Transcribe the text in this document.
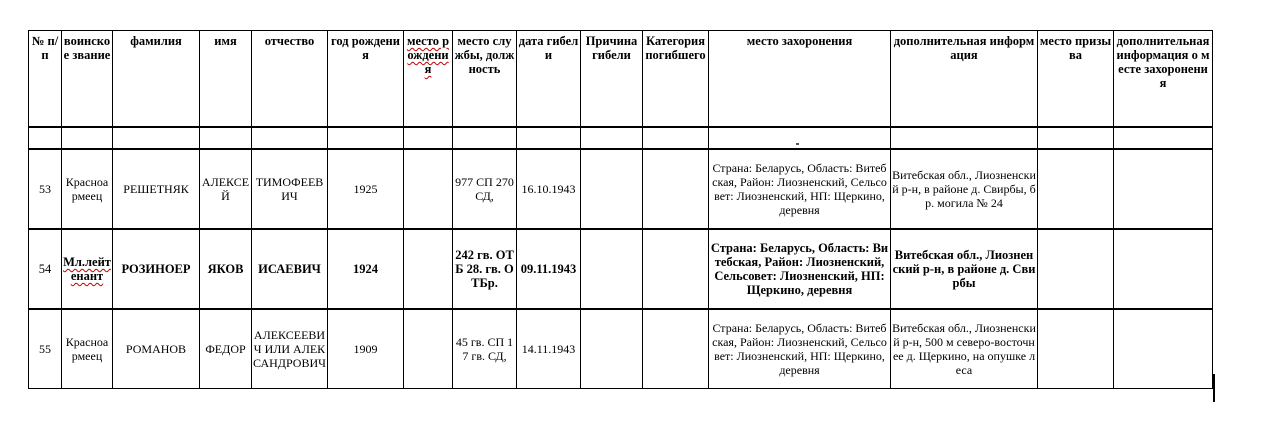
№ п/п	воинское звание	фамилия	имя	отчество	год рождения	место рождения	место службы, должность	дата гибели	Причина гибели	Категория погибшего	место захоронения	дополнительная информация	место призыва	дополнительная информация о месте захоронения

53	Красноармеец	РЕШЕТНЯК	АЛЕКСЕЙ	ТИМОФЕЕВИЧ	1925		977 СП 270 СД,	16.10.1943			Страна: Беларусь, Область: Витебская, Район: Лиозненский, Сельсовет: Лиозненский, НП: Щеркино, деревня	Витебская обл., Лиозненский р-н, в районе д. Свирбы, бр. могила № 24		
54	Мл.лейтенант	РОЗИНОЕР	ЯКОВ	ИСАЕВИЧ	1924		242 гв. ОТБ 28. гв. ОТБр.	09.11.1943			Страна: Беларусь, Область: Витебская, Район: Лиозненский, Сельсовет: Лиозненский, НП: Щеркино, деревня	Витебская обл., Лиозненский р-н, в районе д. Свирбы		
55	Красноармеец	РОМАНОВ	ФЕДОР	АЛЕКСЕЕВИЧ ИЛИ АЛЕКСАНДРОВИЧ	1909		45 гв. СП 17 гв. СД,	14.11.1943			Страна: Беларусь, Область: Витебская, Район: Лиозненский, Сельсовет: Лиозненский, НП: Щеркино, деревня	Витебская обл., Лиозненский р-н, 500 м северо-восточнее д. Щеркино, на опушке леса		
